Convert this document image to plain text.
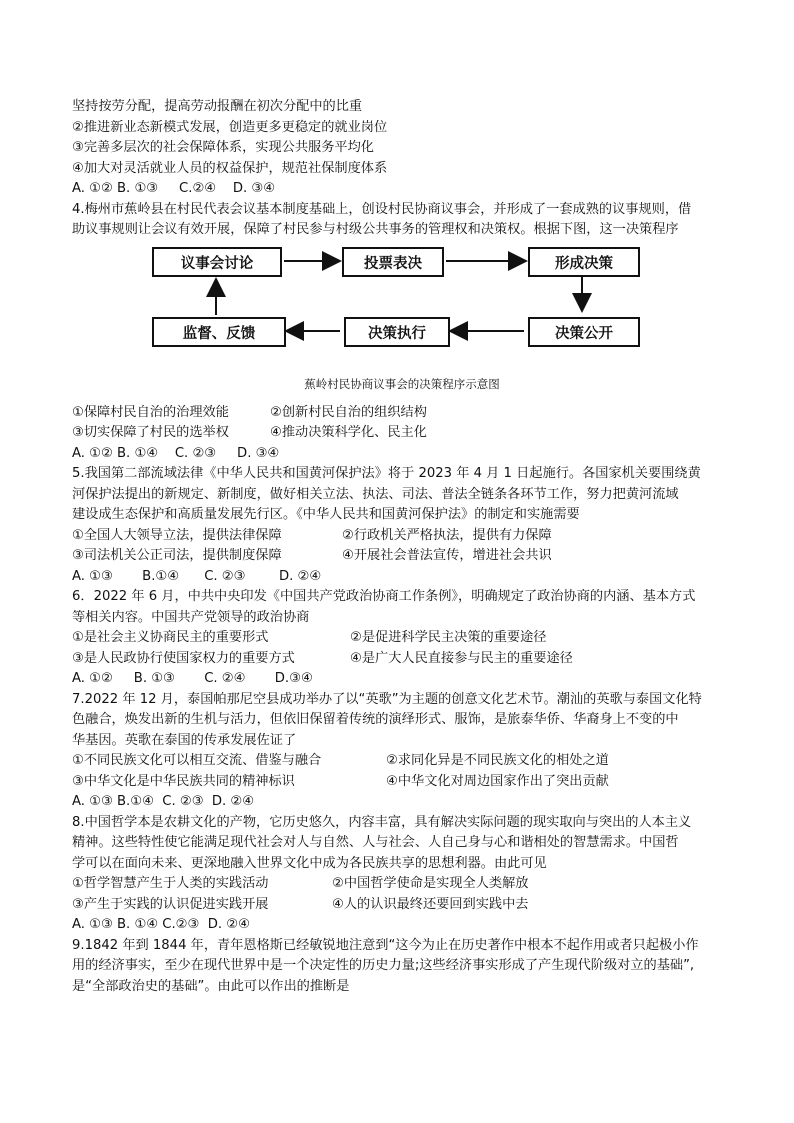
坚持按劳分配，提高劳动报酬在初次分配中的比重
②推进新业态新模式发展，创造更多更稳定的就业岗位
③完善多层次的社会保障体系，实现公共服务平均化
④加大对灵活就业人员的权益保护，规范社保制度体系
A. ①② B. ①③     C.②④    D. ③④
4.梅州市蕉岭县在村民代表会议基本制度基础上，创设村民协商议事会，并形成了一套成熟的议事规则，借
助议事规则让会议有效开展，保障了村民参与村级公共事务的管理权和决策权。根据下图，这一决策程序
议事会讨论	投票表决	形成决策
决策公开
决策执行
监督、反馈
蕉岭村民协商议事会的决策程序示意图
①保障村民自治的治理效能	②创新村民自治的组织结构
③切实保障了村民的选举权	④推动决策科学化、民主化
A. ①② B. ①④    C. ②③     D. ③④
5.我国第二部流域法律《中华人民共和国黄河保护法》将于 2023 年 4 月 1 日起施行。各国家机关要围绕黄
河保护法提出的新规定、新制度，做好相关立法、执法、司法、普法全链条各环节工作，努力把黄河流域
建设成生态保护和高质量发展先行区。《中华人民共和国黄河保护法》的制定和实施需要
①全国人大领导立法，提供法律保障	②行政机关严格执法，提供有力保障
③司法机关公正司法，提供制度保障	④开展社会普法宣传，增进社会共识
A. ①③       B.①④      C. ②③        D. ②④
6．2022 年 6 月，中共中央印发《中国共产党政治协商工作条例》，明确规定了政治协商的内涵、基本方式
等相关内容。中国共产党领导的政治协商
①是社会主义协商民主的重要形式	②是促进科学民主决策的重要途径
③是人民政协行使国家权力的重要方式	④是广大人民直接参与民主的重要途径
A. ①②     B. ①③       C. ②④       D.③④
7.2022 年 12 月，泰国帕那尼空县成功举办了以“英歌”为主题的创意文化艺术节。潮汕的英歌与泰国文化特
色融合，焕发出新的生机与活力，但依旧保留着传统的演绎形式、服饰，是旅泰华侨、华裔身上不变的中
华基因。英歌在泰国的传承发展佐证了
①不同民族文化可以相互交流、借鉴与融合	②求同化异是不同民族文化的相处之道
③中华文化是中华民族共同的精神标识	④中华文化对周边国家作出了突出贡献
A. ①③ B.①④  C. ②③  D. ②④
8.中国哲学本是农耕文化的产物，它历史悠久，内容丰富，具有解决实际问题的现实取向与突出的人本主义
精神。这些特性使它能满足现代社会对人与自然、人与社会、人自己身与心和谐相处的智慧需求。中国哲
学可以在面向未来、更深地融入世界文化中成为各民族共享的思想利器。由此可见
①哲学智慧产生于人类的实践活动	②中国哲学使命是实现全人类解放
③产生于实践的认识促进实践开展	④人的认识最终还要回到实践中去
A. ①③ B. ①④ C.②③  D. ②④
9.1842 年到 1844 年，青年恩格斯已经敏锐地注意到“这今为止在历史著作中根本不起作用或者只起极小作
用的经济事实，至少在现代世界中是一个决定性的历史力量;这些经济事实形成了产生现代阶级对立的基础”,
是“全部政治史的基础”。由此可以作出的推断是
